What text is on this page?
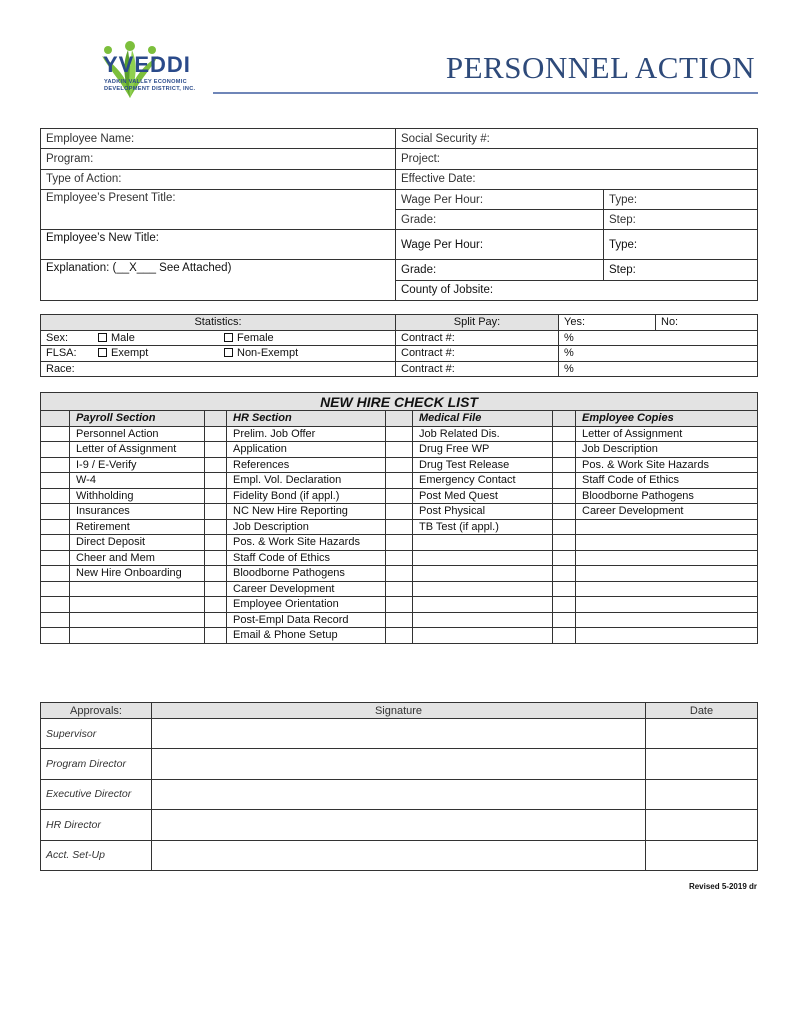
YVEDDI
YADKIN VALLEY ECONOMIC
DEVELOPMENT DISTRICT, INC.
PERSONNEL ACTION
Employee Name:	Social Security #:	
Program:	Project:	
Type of Action:	Effective Date:	
Employee’s Present Title:	Wage Per Hour:	Type:
	Grade:	Step:
Employee’s New Title:	Wage Per Hour:	Type:
Explanation: (__X___ See Attached)	Grade:	Step:
	County of Jobsite:	
Statistics:	Split Pay:	Yes:	No:
Sex: Male Female	Contract #:	%	
FLSA: Exempt Non-Exempt	Contract #:	%	
Race:	Contract #:	%	
NEW HIRE CHECK LIST							
	Payroll Section		HR Section		Medical File		Employee Copies
	Personnel Action		Prelim. Job Offer		Job Related Dis.		Letter of Assignment
	Letter of Assignment		Application		Drug Free WP		Job Description
	I-9 / E-Verify		References		Drug Test Release		Pos. & Work Site Hazards
	W-4		Empl. Vol. Declaration		Emergency Contact		Staff Code of Ethics
	Withholding		Fidelity Bond (if appl.)		Post Med Quest		Bloodborne Pathogens
	Insurances		NC New Hire Reporting		Post Physical		Career Development
	Retirement		Job Description		TB Test (if appl.)		
	Direct Deposit		Pos. & Work Site Hazards				
	Cheer and Mem		Staff Code of Ethics				
	New Hire Onboarding		Bloodborne Pathogens				
			Career Development				
			Employee Orientation				
			Post-Empl Data Record				
			Email & Phone Setup				
Approvals:	Signature	Date
Supervisor		
Program Director		
Executive Director		
HR Director		
Acct. Set-Up		
Revised 5-2019 dr
